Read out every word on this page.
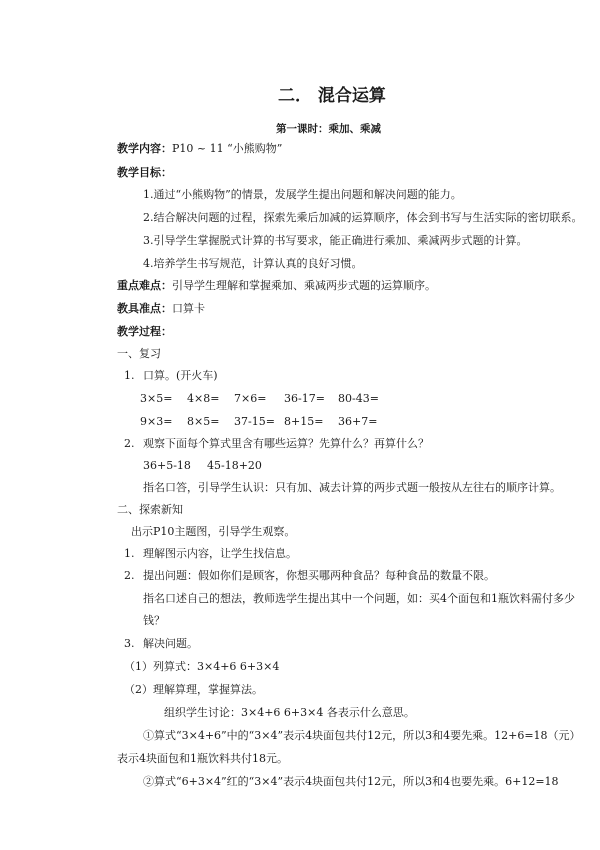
二． 混合运算
第一课时：乘加、乘减
教学内容：P10 ~ 11 “小熊购物”
教学目标：
1.通过“小熊购物”的情景，发展学生提出问题和解决问题的能力。
2.结合解决问题的过程，探索先乘后加减的运算顺序，体会到书写与生活实际的密切联系。
3.引导学生掌握脱式计算的书写要求，能正确进行乘加、乘减两步式题的计算。
4.培养学生书写规范，计算认真的良好习惯。
重点难点：引导学生理解和掌握乘加、乘减两步式题的运算顺序。
教具准点：口算卡
教学过程：
一、复习
1. 口算。(开火车)
3×5= 4×8= 7×6= 36-17= 80-43=
9×3= 8×5= 37-15= 8+15= 36+7=
2. 观察下面每个算式里含有哪些运算？先算什么？再算什么？
36+5-18 45-18+20
指名口答，引导学生认识：只有加、减去计算的两步式题一般按从左往右的顺序计算。
二、探索新知
出示P10主题图，引导学生观察。
1. 理解图示内容，让学生找信息。
2. 提出问题：假如你们是顾客，你想买哪两种食品？每种食品的数量不限。
指名口述自己的想法，教师选学生提出其中一个问题，如：买4个面包和1瓶饮料需付多少
钱？
3. 解决问题。
（1）列算式：3×4+6 6+3×4
（2）理解算理，掌握算法。
组织学生讨论：3×4+6 6+3×4 各表示什么意思。
①算式“3×4+6”中的“3×4”表示4块面包共付12元，所以3和4要先乘。12+6=18（元）
表示4块面包和1瓶饮料共付18元。
②算式“6+3×4”红的“3×4”表示4块面包共付12元，所以3和4也要先乘。6+12=18
